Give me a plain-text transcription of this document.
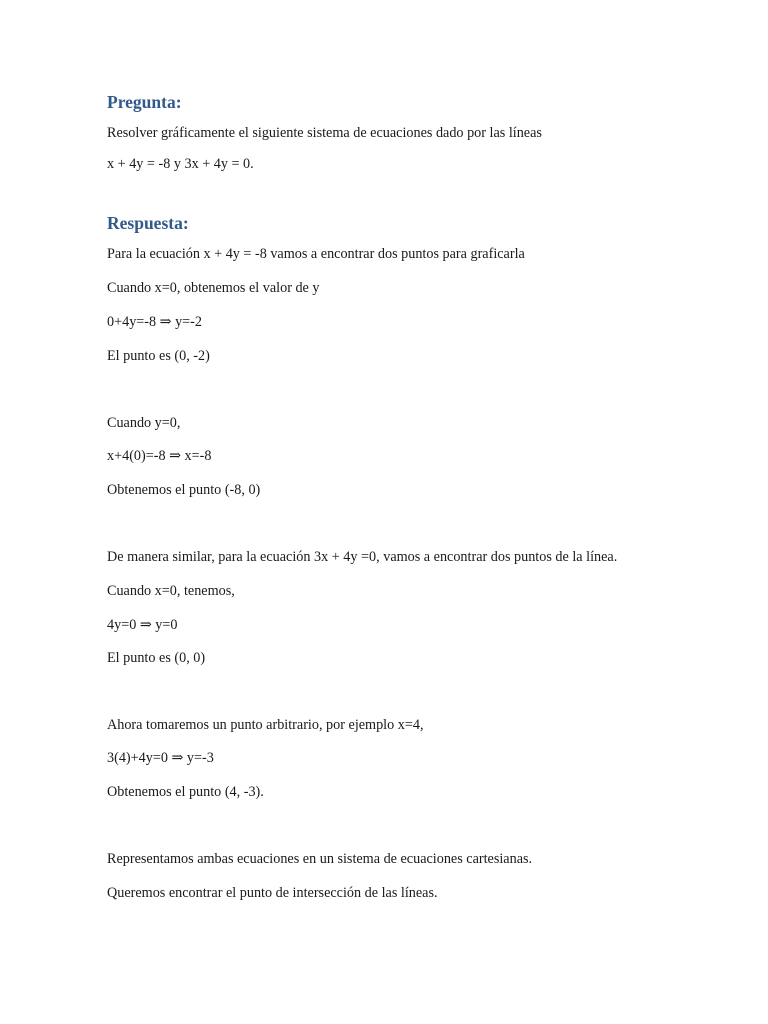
Pregunta:

Resolver gráficamente el siguiente sistema de ecuaciones dado por las líneas

x + 4y = -8 y 3x + 4y = 0.

Respuesta:

Para la ecuación x + 4y = -8 vamos a encontrar dos puntos para graficarla

Cuando x=0, obtenemos el valor de y

0+4y=-8 ⇒ y=-2

El punto es (0, -2)

Cuando y=0,

x+4(0)=-8 ⇒ x=-8

Obtenemos el punto (-8, 0)

De manera similar, para la ecuación 3x + 4y =0, vamos a encontrar dos puntos de la línea.

Cuando x=0, tenemos,

4y=0 ⇒ y=0

El punto es (0, 0)

Ahora tomaremos un punto arbitrario, por ejemplo x=4,

3(4)+4y=0 ⇒ y=-3

Obtenemos el punto (4, -3).

Representamos ambas ecuaciones en un sistema de ecuaciones cartesianas.

Queremos encontrar el punto de intersección de las líneas.
